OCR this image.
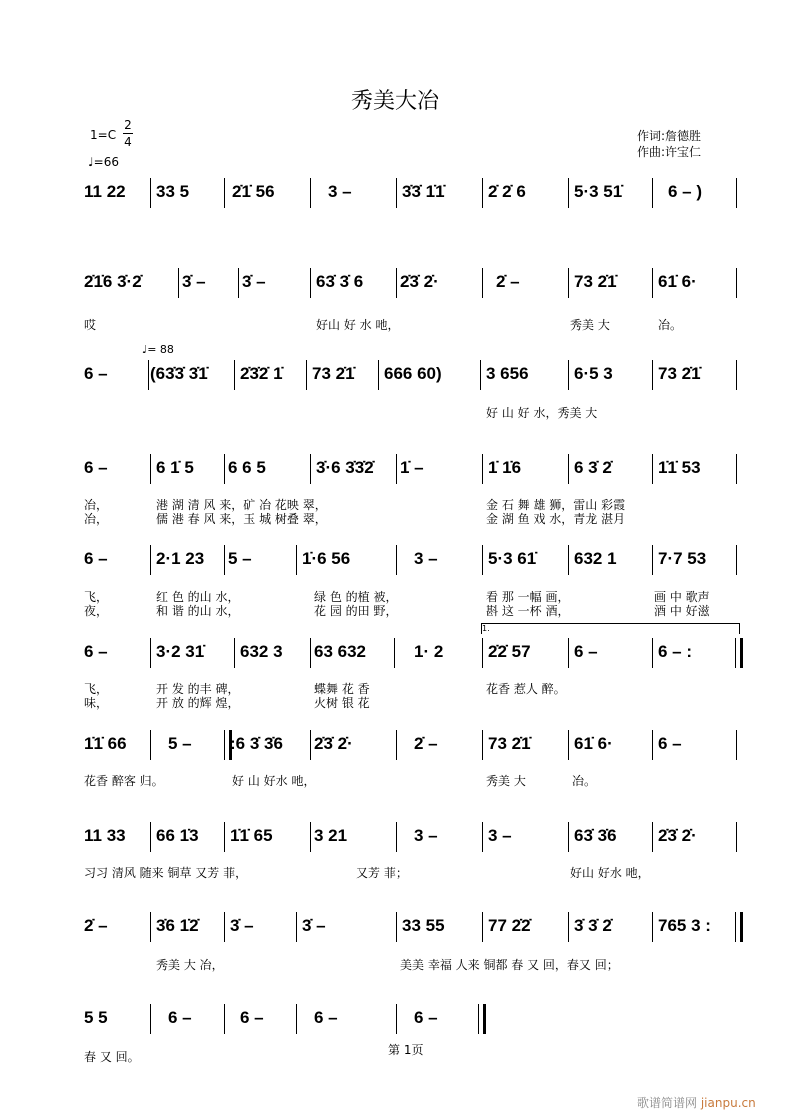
秀美大冶
1=C
2
4
♩=66
作词:詹德胜
作曲:许宝仁
♩= 88
1.
11 22 33 5	2̇1̇ 56	3 –	3̇3̇ 1̇1̇	2̇ 2̇ 6	5·3 51̇	6 – )
2̇1̇6 3̇·2̇ 3̇ – 3̇ –	63̇ 3̇ 6 2̇3̇ 2̇·	2̇ –	73 2̇1̇ 61̇ 6·
哎	好山 好 水 吔，	秀美 大	冶。
6 – (63̇3̇ 3̇1̇ 2̇3̇2̇ 1̇ 73 2̇1̇ 666 60)	3 656	6·5 3	73 2̇1̇
好 山 好 水，秀美 大
6 –	6 1̇ 5 6 6 5	3̇·6 3̇3̇2̇ 1̇ –	1̇ 1̇6	6 3̇ 2̇	1̇1̇ 53
冶，	港 湖 清 风 来，矿 冶 花映 翠，	金 石 舞 雄 狮，雷山 彩霞
冶，	儒 港 春 风 来，玉 城 树叠 翠，	金 湖 鱼 戏 水，青龙 湛月
6 –	2·1 23 5 –	1̇·6 56	3 –	5·3 61̇ 632 1 7·7 53
飞，	红 色 的山 水，	绿 色 的植 被，	看 那 一幅 画，	画 中 歌声
夜，	和 谐 的山 水，	花 园 的田 野，	斟 这 一杯 酒，	酒 中 好滋
6 –	3·2 31̇ 632 3 63 632	1· 2	2̇2̇ 57	6 –	6 – :
飞，	开 发 的丰 碑，	蝶舞 花 香	花香 惹人 醉。
味，	开 放 的辉 煌，	火树 银 花
1̇1̇ 66 5 – :6 3̇ 3̇6 2̇3̇ 2̇·	2̇ –	73 2̇1̇	61̇ 6·	6 –
花香 醉客 归。	好 山 好水 吔，	秀美 大	冶。
11 33 66 1̇3 1̇1̇ 65 3 21	3 –	3 –	63̇ 3̇6 2̇3̇ 2̇·
习习 清风 随来 铜草 又芳 菲，	又芳 菲；	好山 好水 吔，
2̇ –	3̇6 1̇2̇ 3̇ –	3̇ –	33 55	77 2̇2̇	3̇ 3̇ 2̇	765 3 :
秀美 大 冶，	美美 幸福 人来 铜都 春 又 回，春又 回；
5 5	6 –	6 –	6 –	6 –
春 又 回。	第 1页
歌谱简谱网 jianpu.cn
